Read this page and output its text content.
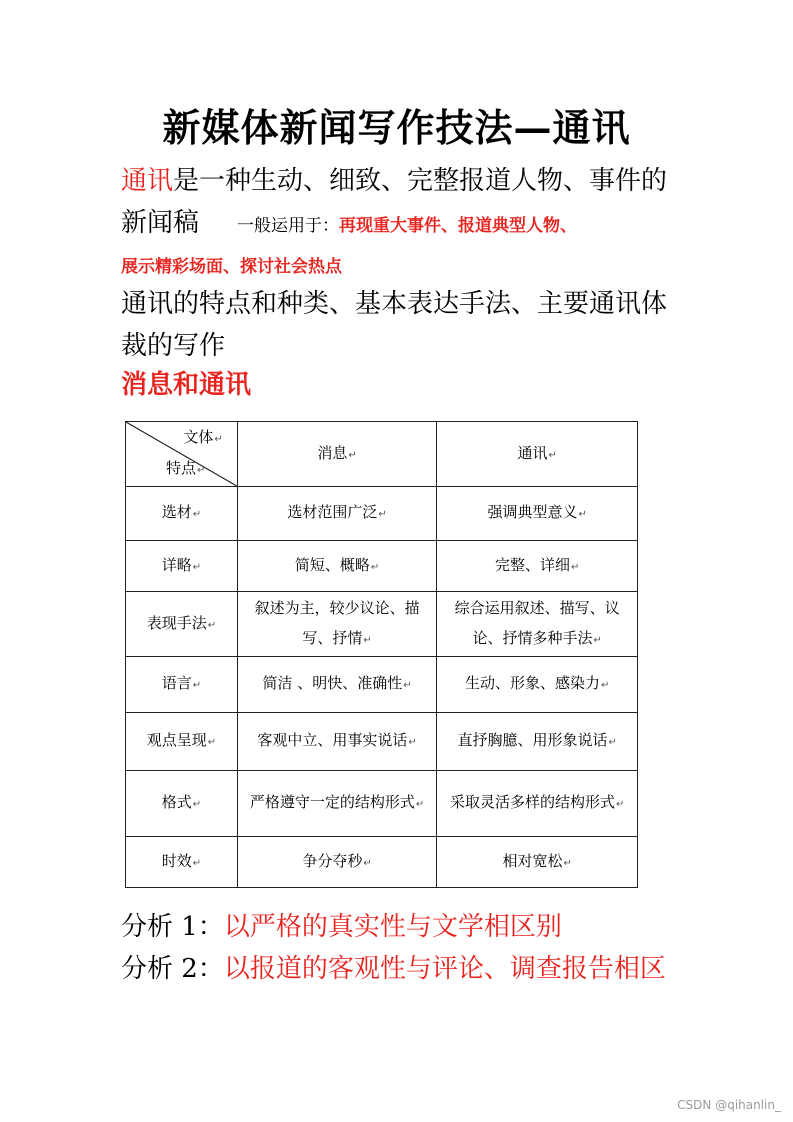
新媒体新闻写作技法—通讯
通讯是一种生动、细致、完整报道人物、事件的
新闻稿 一般运用于：再现重大事件、报道典型人物、
展示精彩场面、探讨社会热点
通讯的特点和种类、基本表达手法、主要通讯体
裁的写作
消息和通讯
文体↵
特点↵	消息↵	通讯↵
选材↵	选材范围广泛↵	强调典型意义↵
详略↵	简短、概略↵	完整、详细↵
表现手法↵	叙述为主，较少议论、描写、抒情↵	综合运用叙述、描写、议论、抒情多种手法↵
语言↵	简洁 、明快、准确性↵	生动、形象、感染力↵
观点呈现↵	客观中立、用事实说话↵	直抒胸臆、用形象说话↵
格式↵	严格遵守一定的结构形式↵	采取灵活多样的结构形式↵
时效↵	争分夺秒↵	相对宽松↵
分析 1：以严格的真实性与文学相区别
分析 2：以报道的客观性与评论、调查报告相区
CSDN @qihanlin_
